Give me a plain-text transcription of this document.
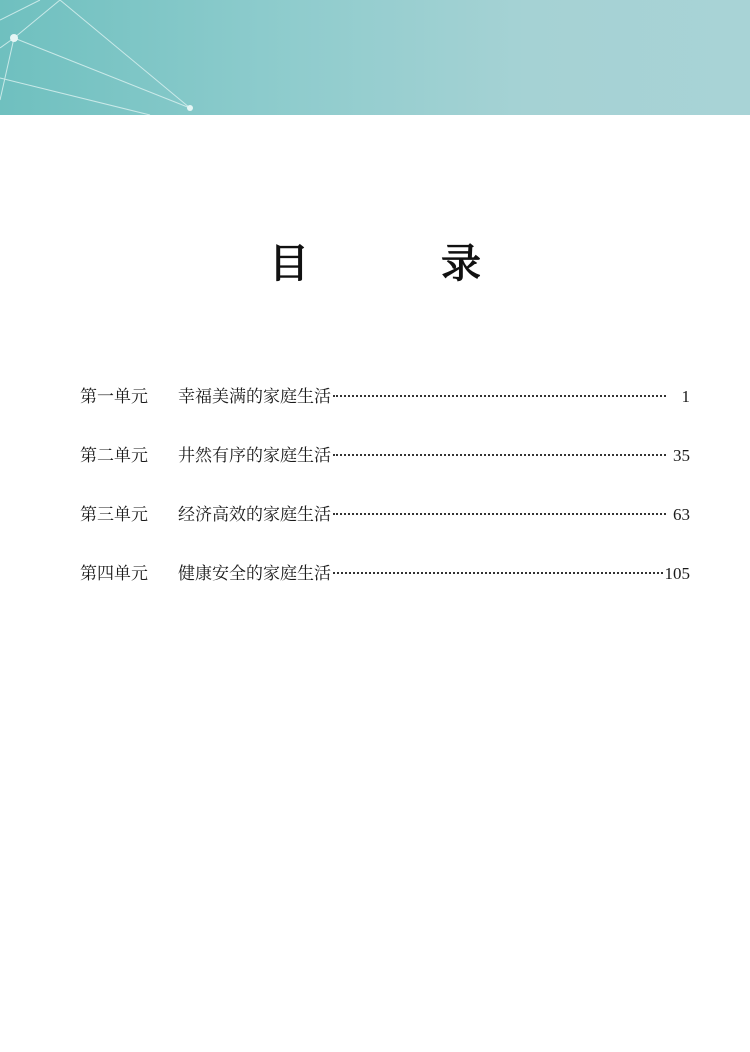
目　录
第一单元	幸福美满的家庭生活	1
第二单元	井然有序的家庭生活	35
第三单元	经济高效的家庭生活	63
第四单元	健康安全的家庭生活	105
